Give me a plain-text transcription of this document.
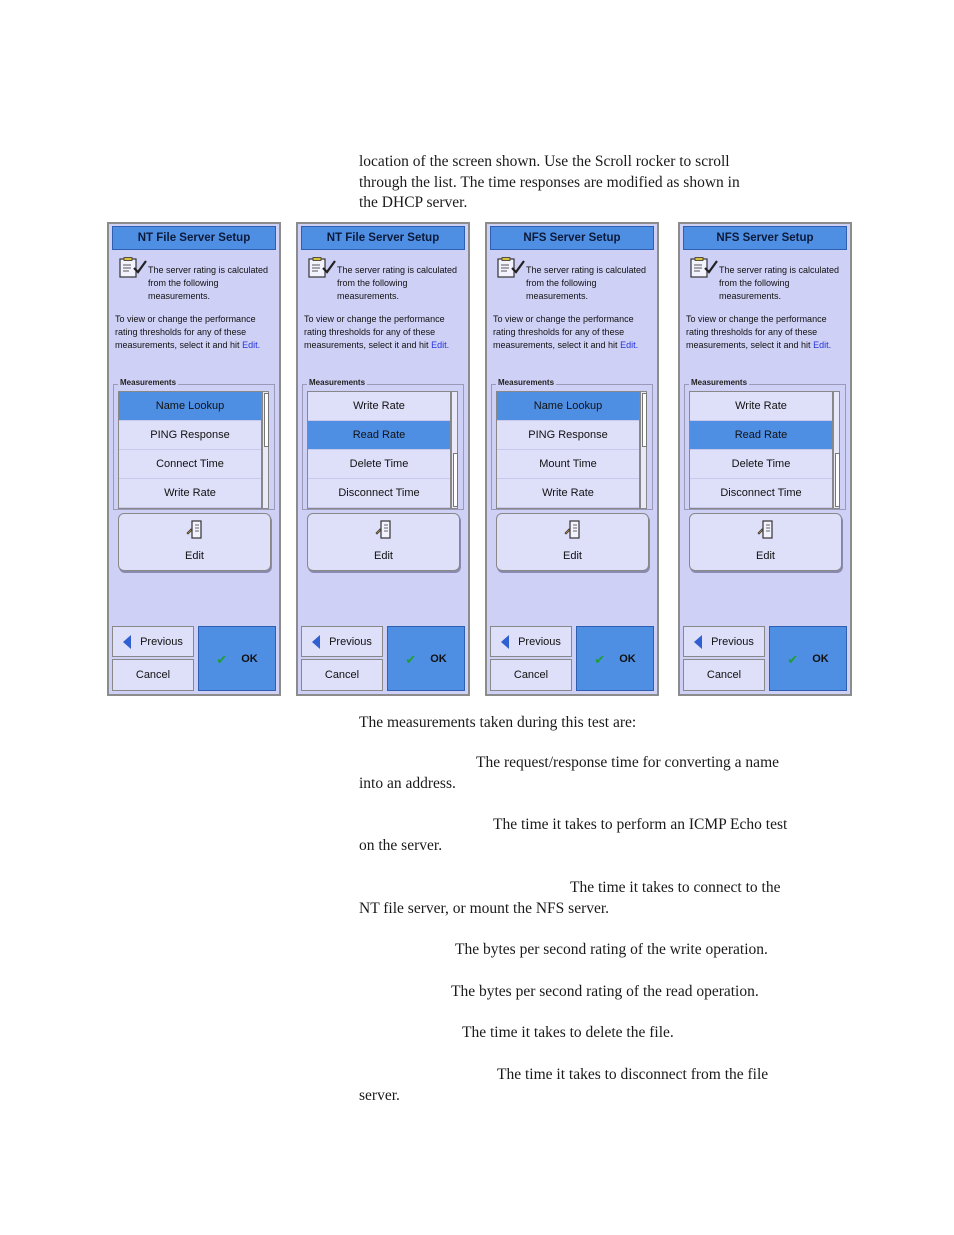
location of the screen shown. Use the Scroll rocker to scroll

through the list. The time responses are modified as shown in

the DHCP server.

NT File Server Setup
The server rating is calculated from the following measurements.
To view or change the performance rating thresholds for any of these measurements, select it and hit Edit.
Measurements
Name Lookup
PING Response
Connect Time
Write Rate
Edit
Previous
Cancel
✔ OK
NT File Server Setup
The server rating is calculated from the following measurements.
To view or change the performance rating thresholds for any of these measurements, select it and hit Edit.
Measurements
Write Rate
Read Rate
Delete Time
Disconnect Time
Edit
Previous
Cancel
✔ OK
NFS Server Setup
The server rating is calculated from the following measurements.
To view or change the performance rating thresholds for any of these measurements, select it and hit Edit.
Measurements
Name Lookup
PING Response
Mount Time
Write Rate
Edit
Previous
Cancel
✔ OK
NFS Server Setup
The server rating is calculated from the following measurements.
To view or change the performance rating thresholds for any of these measurements, select it and hit Edit.
Measurements
Write Rate
Read Rate
Delete Time
Disconnect Time
Edit
Previous
Cancel
✔ OK

The measurements taken during this test are:

The request/response time for converting a name

into an address.

The time it takes to perform an ICMP Echo test

on the server.

The time it takes to connect to the

NT file server, or mount the NFS server.

The bytes per second rating of the write operation.

The bytes per second rating of the read operation.

The time it takes to delete the file.

The time it takes to disconnect from the file

server.
